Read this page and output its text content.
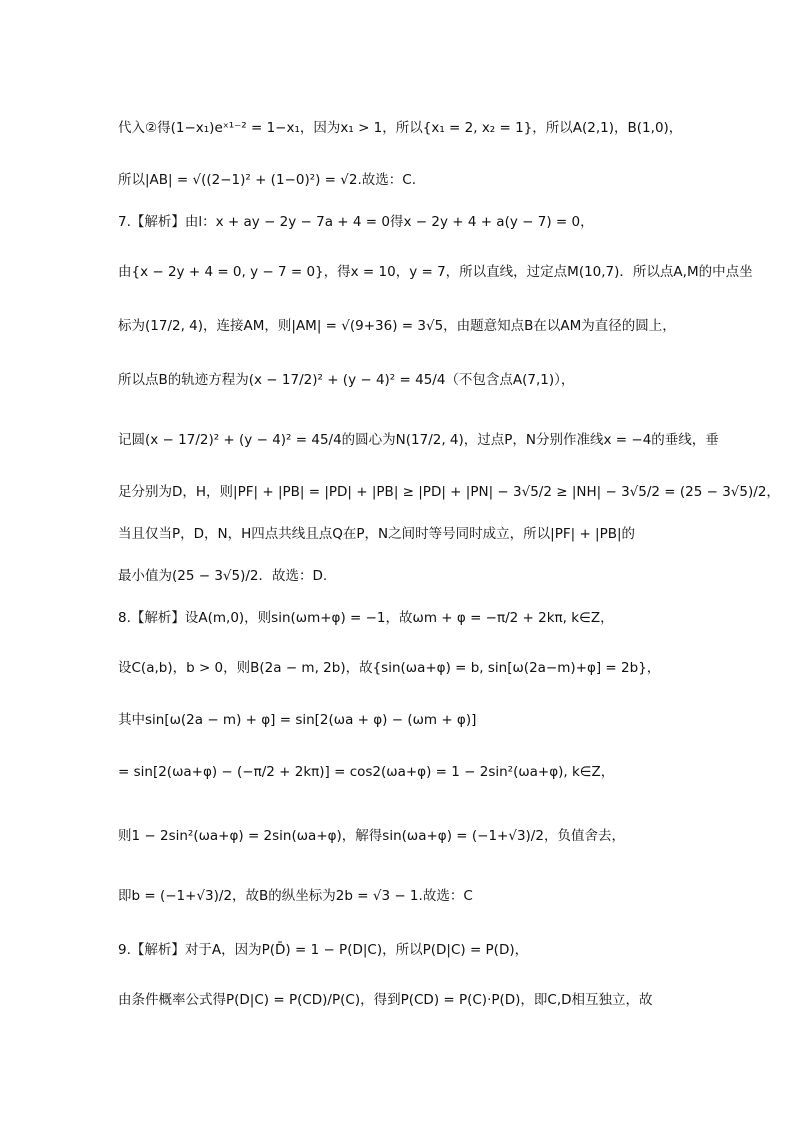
代入②得(1−x₁)eˣ¹⁻² = 1−x₁，因为x₁ > 1，所以{x₁ = 2, x₂ = 1}，所以A(2,1)，B(1,0)，
所以|AB| = √((2−1)² + (1−0)²) = √2.故选：C.
7.【解析】由l：x + ay − 2y − 7a + 4 = 0得x − 2y + 4 + a(y − 7) = 0，
由{x − 2y + 4 = 0, y − 7 = 0}，得x = 10，y = 7，所以直线，过定点M(10,7)．所以点A,M的中点坐
标为(17/2, 4)，连接AM，则|AM| = √(9+36) = 3√5，由题意知点B在以AM为直径的圆上，
所以点B的轨迹方程为(x − 17/2)² + (y − 4)² = 45/4（不包含点A(7,1)），
记圆(x − 17/2)² + (y − 4)² = 45/4的圆心为N(17/2, 4)，过点P，N分别作准线x = −4的垂线，垂
足分别为D，H，则|PF| + |PB| = |PD| + |PB| ≥ |PD| + |PN| − 3√5/2 ≥ |NH| − 3√5/2 = (25 − 3√5)/2，
当且仅当P，D，N，H四点共线且点Q在P，N之间时等号同时成立，所以|PF| + |PB|的
最小值为(25 − 3√5)/2．故选：D.
8.【解析】设A(m,0)，则sin(ωm+φ) = −1，故ωm + φ = −π/2 + 2kπ, k∈Z，
设C(a,b)，b > 0，则B(2a − m, 2b)，故{sin(ωa+φ) = b, sin[ω(2a−m)+φ] = 2b}，
其中sin[ω(2a − m) + φ] = sin[2(ωa + φ) − (ωm + φ)]
= sin[2(ωa+φ) − (−π/2 + 2kπ)] = cos2(ωa+φ) = 1 − 2sin²(ωa+φ), k∈Z，
则1 − 2sin²(ωa+φ) = 2sin(ωa+φ)，解得sin(ωa+φ) = (−1+√3)/2，负值舍去，
即b = (−1+√3)/2，故B的纵坐标为2b = √3 − 1.故选：C
9.【解析】对于A，因为P(D̄) = 1 − P(D|C)，所以P(D|C) = P(D)，
由条件概率公式得P(D|C) = P(CD)/P(C)，得到P(CD) = P(C)·P(D)，即C,D相互独立，故
